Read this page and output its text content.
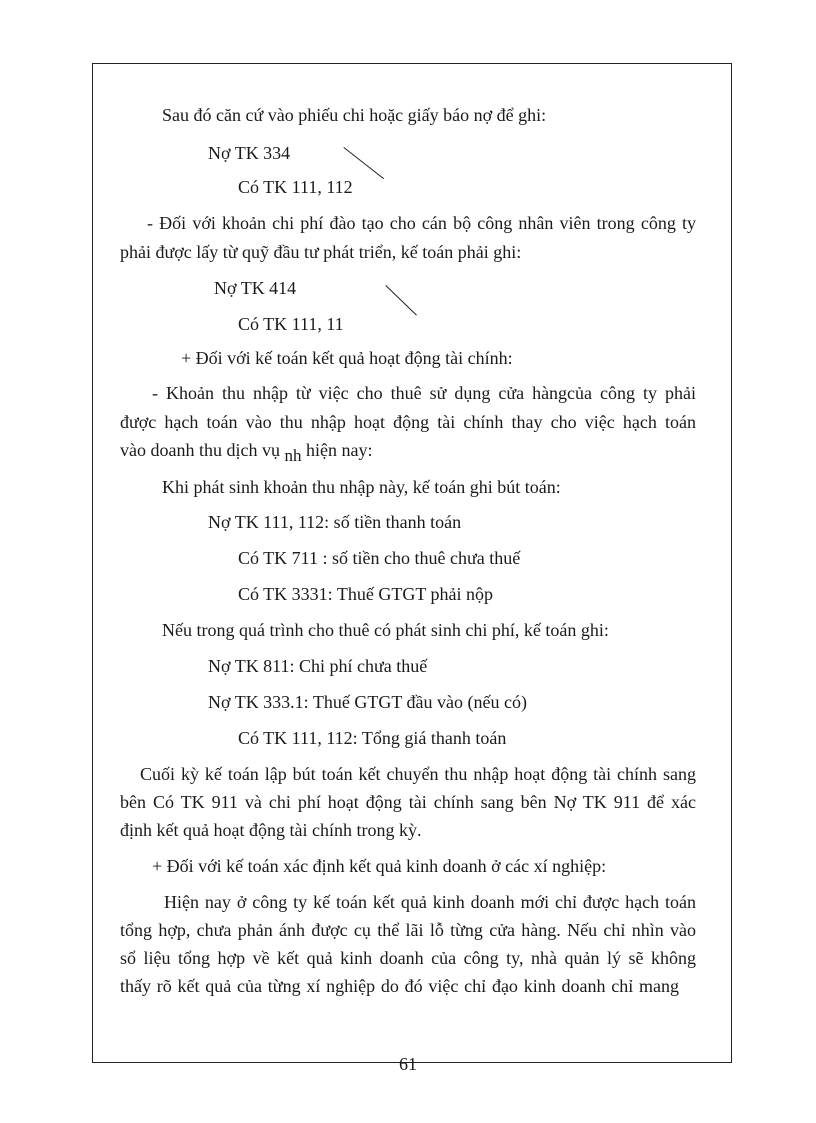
Sau đó căn cứ vào phiếu chi hoặc giấy báo nợ để ghi:
Nợ TK 334
Có TK 111, 112
- Đối với khoản chi phí đào tạo cho cán bộ công nhân viên trong công ty
phải được lấy từ quỹ đầu tư phát triển, kế toán phải ghi:
Nợ TK 414
Có TK 111, 11
+ Đối với kế toán kết quả hoạt động tài chính:
- Khoản thu nhập từ việc cho thuê sử dụng cửa hàngcủa công ty phải
được hạch toán vào thu nhập hoạt động tài chính thay cho việc hạch toán
vào doanh thu dịch vụ nh hiện nay:
Khi phát sinh khoản thu nhập này, kế toán ghi bút toán:
Nợ TK 111, 112: số tiền thanh toán
Có TK 711 : số tiền cho thuê chưa thuế
Có TK 3331: Thuế GTGT phải nộp
Nếu trong quá trình cho thuê có phát sinh chi phí, kế toán ghi:
Nợ TK 811: Chi phí chưa thuế
Nợ TK 333.1: Thuế GTGT đầu vào (nếu có)
Có TK 111, 112: Tổng giá thanh toán
Cuối kỳ kế toán lập bút toán kết chuyển thu nhập hoạt động tài chính sang
bên Có TK 911 và chi phí hoạt động tài chính sang bên Nợ TK 911 để xác
định kết quả hoạt động tài chính trong kỳ.
+ Đối với kế toán xác định kết quả kinh doanh ở các xí nghiệp:
Hiện nay ở công ty kế toán kết quả kinh doanh mới chỉ được hạch toán
tổng hợp, chưa phản ánh được cụ thể lãi lỗ từng cửa hàng. Nếu chỉ nhìn vào
sổ liệu tổng hợp về kết quả kinh doanh của công ty, nhà quản lý sẽ không
thấy rõ kết quả của từng xí nghiệp do đó việc chỉ đạo kinh doanh chỉ mang
61
